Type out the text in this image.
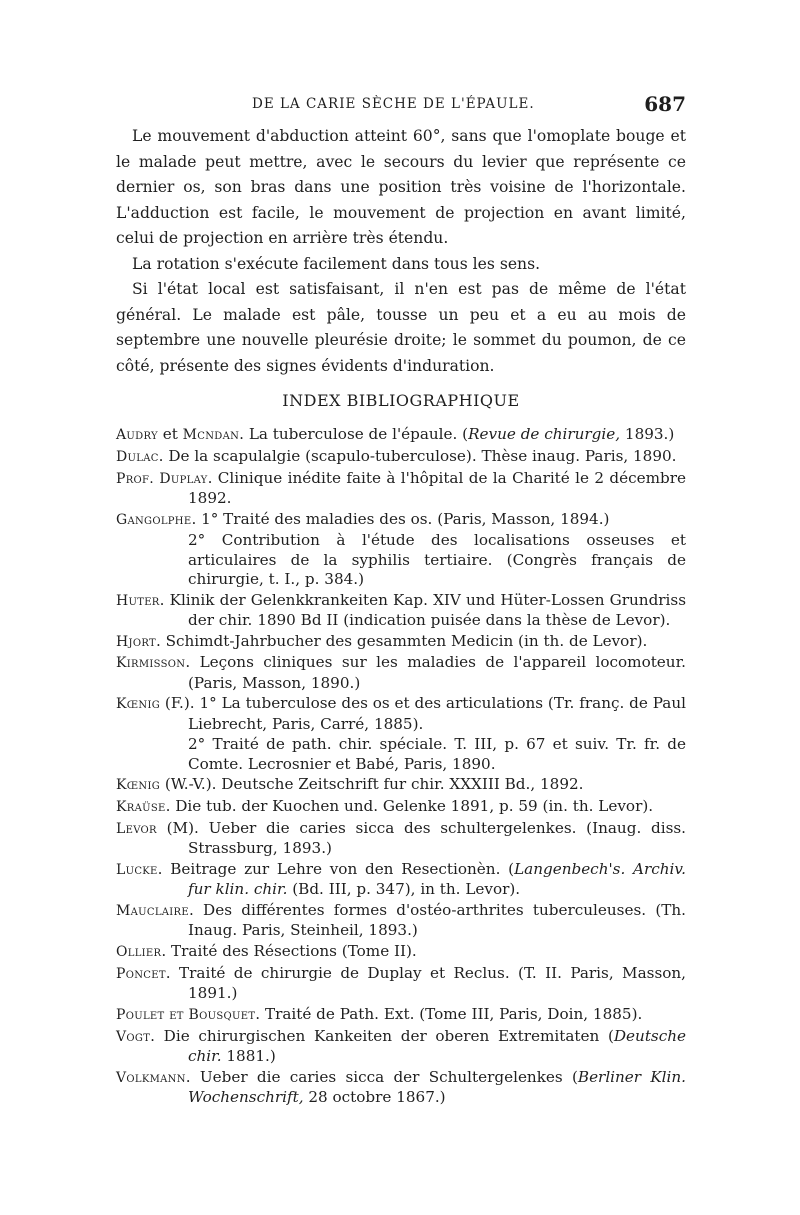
DE LA CARIE SÈCHE DE L'ÉPAULE.	687

Le mouvement d'abduction atteint 60°, sans que l'omoplate bouge et le malade peut mettre, avec le secours du levier que représente ce dernier os, son bras dans une position très voisine de l'horizontale. L'adduction est facile, le mouvement de projection en avant limité, celui de projection en arrière très étendu.

La rotation s'exécute facilement dans tous les sens.

Si l'état local est satisfaisant, il n'en est pas de même de l'état général. Le malade est pâle, tousse un peu et a eu au mois de septembre une nouvelle pleurésie droite; le sommet du poumon, de ce côté, présente des signes évidents d'induration.

INDEX BIBLIOGRAPHIQUE
Audry et Mcndan. La tuberculose de l'épaule. (Revue de chirurgie, 1893.)
Dulac. De la scapulalgie (scapulo-tuberculose). Thèse inaug. Paris, 1890.
Prof. Duplay. Clinique inédite faite à l'hôpital de la Charité le 2 décembre 1892.
Gangolphe. 1° Traité des maladies des os. (Paris, Masson, 1894.)
2° Contribution à l'étude des localisations osseuses et articulaires de la syphilis tertiaire. (Congrès français de chirurgie, t. I., p. 384.)
Huter. Klinik der Gelenkkrankeiten Kap. XIV und Hüter-Lossen Grundriss der chir. 1890 Bd II (indication puisée dans la thèse de Levor).
Hjort. Schimdt-Jahrbucher des gesammten Medicin (in th. de Levor).
Kirmisson. Leçons cliniques sur les maladies de l'appareil locomoteur. (Paris, Masson, 1890.)
Kœnig (F.). 1° La tuberculose des os et des articulations (Tr. franç. de Paul Liebrecht, Paris, Carré, 1885).
2° Traité de path. chir. spéciale. T. III, p. 67 et suiv. Tr. fr. de Comte. Lecrosnier et Babé, Paris, 1890.
Kœnig (W.-V.). Deutsche Zeitschrift fur chir. XXXIII Bd., 1892.
Kraüse. Die tub. der Kuochen und. Gelenke 1891, p. 59 (in. th. Levor).
Levor (M). Ueber die caries sicca des schultergelenkes. (Inaug. diss. Strassburg, 1893.)
Lucke. Beitrage zur Lehre von den Resectionèn. (Langenbech's. Archiv. fur klin. chir. (Bd. III, p. 347), in th. Levor).
Mauclaire. Des différentes formes d'ostéo-arthrites tuberculeuses. (Th. Inaug. Paris, Steinheil, 1893.)
Ollier. Traité des Résections (Tome II).
Poncet. Traité de chirurgie de Duplay et Reclus. (T. II. Paris, Masson, 1891.)
Poulet et Bousquet. Traité de Path. Ext. (Tome III, Paris, Doin, 1885).
Vogt. Die chirurgischen Kankeiten der oberen Extremitaten (Deutsche chir. 1881.)
Volkmann. Ueber die caries sicca der Schultergelenkes (Berliner Klin. Wochenschrift, 28 octobre 1867.)
